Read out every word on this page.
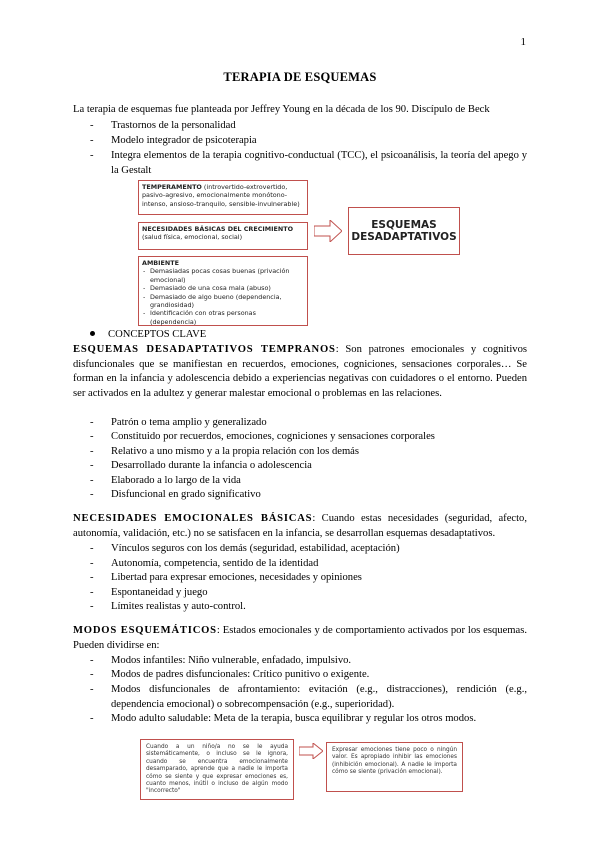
1
TERAPIA DE ESQUEMAS
La terapia de esquemas fue planteada por Jeffrey Young en la década de los 90. Discípulo de Beck
-	Trastornos de la personalidad
-	Modelo integrador de psicoterapia
-	Integra elementos de la terapia cognitivo-conductual (TCC), el psicoanálisis, la teoría del apego y la Gestalt
TEMPERAMENTO (introvertido-extrovertido, pasivo-agresivo, emocionalmente monótono-intenso, ansioso-tranquilo, sensible-invulnerable)
NECESIDADES BÁSICAS DEL CRECIMIENTO
(salud física, emocional, social)
AMBIENTE
- Demasiadas pocas cosas buenas (privación emocional)
- Demasiado de una cosa mala (abuso)
- Demasiado de algo bueno (dependencia, grandiosidad)
- Identificación con otras personas (dependencia)
ESQUEMAS DESADAPTATIVOS
CONCEPTOS CLAVE
ESQUEMAS DESADAPTATIVOS TEMPRANOS: Son patrones emocionales y cognitivos disfuncionales que se manifiestan en recuerdos, emociones, cogniciones, sensaciones corporales… Se forman en la infancia y adolescencia debido a experiencias negativas con cuidadores o el entorno. Pueden ser activados en la adultez y generar malestar emocional o problemas en las relaciones.
-	Patrón o tema amplio y generalizado
-	Constituido por recuerdos, emociones, cogniciones y sensaciones corporales
-	Relativo a uno mismo y a la propia relación con los demás
-	Desarrollado durante la infancia o adolescencia
-	Elaborado a lo largo de la vida
-	Disfuncional en grado significativo
NECESIDADES EMOCIONALES BÁSICAS: Cuando estas necesidades (seguridad, afecto, autonomía, validación, etc.) no se satisfacen en la infancia, se desarrollan esquemas desadaptativos.
-	Vínculos seguros con los demás (seguridad, estabilidad, aceptación)
-	Autonomía, competencia, sentido de la identidad
-	Libertad para expresar emociones, necesidades y opiniones
-	Espontaneidad y juego
-	Límites realistas y auto-control.
MODOS ESQUEMÁTICOS: Estados emocionales y de comportamiento activados por los esquemas. Pueden dividirse en:
-	Modos infantiles: Niño vulnerable, enfadado, impulsivo.
-	Modos de padres disfuncionales: Crítico punitivo o exigente.
-	Modos disfuncionales de afrontamiento: evitación (e.g., distracciones), rendición (e.g., dependencia emocional) o sobrecompensación (e.g., superioridad).
-	Modo adulto saludable: Meta de la terapia, busca equilibrar y regular los otros modos.
Cuando a un niño/a no se le ayuda sistemáticamente, o incluso se le ignora, cuando se encuentra emocionalmente desamparado, aprende que a nadie le importa cómo se siente y que expresar emociones es, cuanto menos, inútil o incluso de algún modo "incorrecto"
Expresar emociones tiene poco o ningún valor. Es apropiado inhibir las emociones (inhibición emocional). A nadie le importa cómo se siente (privación emocional).
